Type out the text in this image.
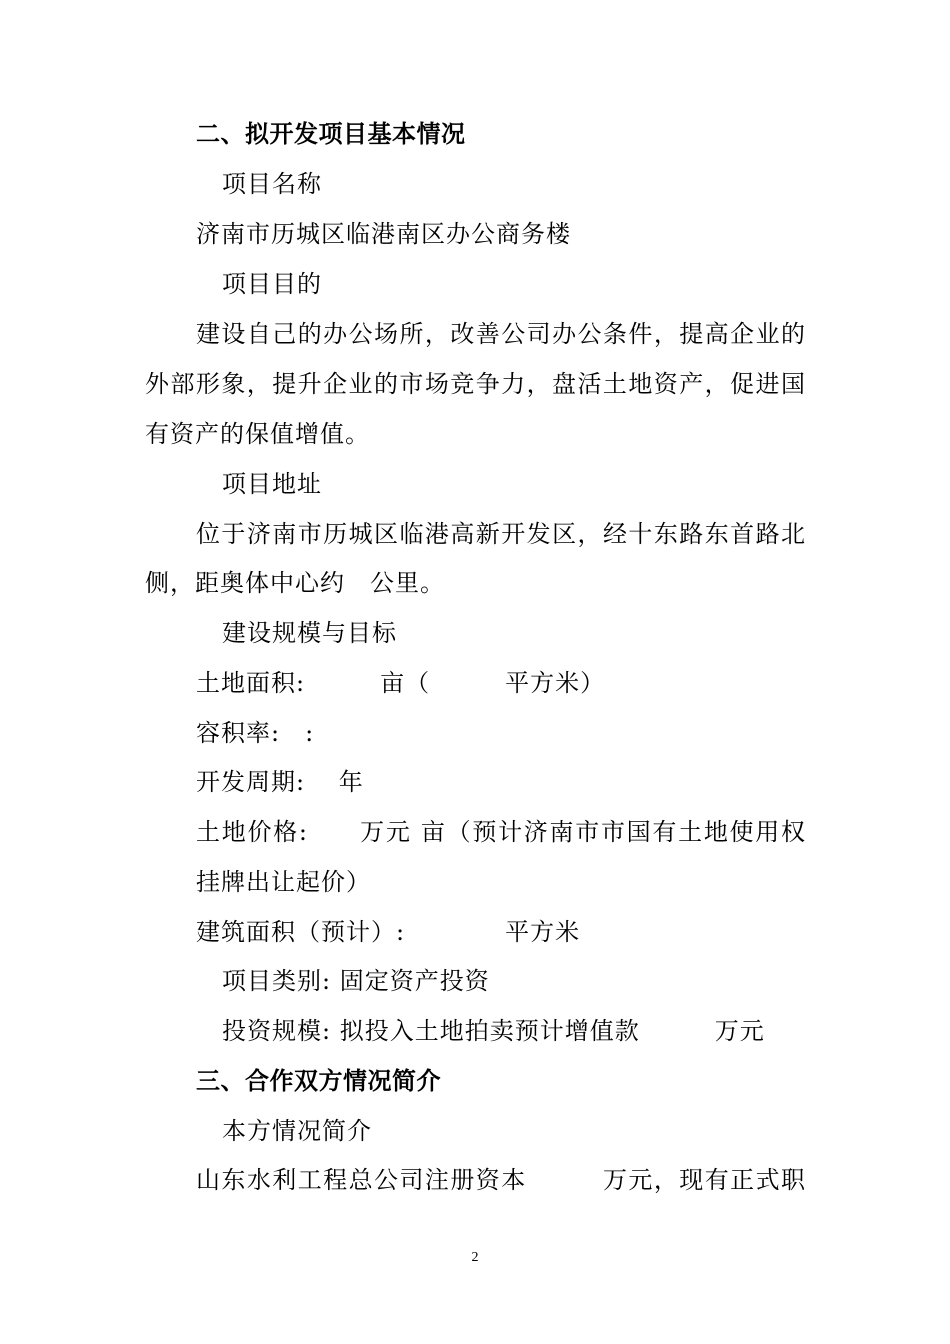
二、拟开发项目基本情况
项目名称
济南市历城区临港南区办公商务楼
项目目的
建设自己的办公场所，改善公司办公条件，提高企业的
外部形象，提升企业的市场竞争力，盘活土地资产，促进国
有资产的保值增值。
项目地址
位于济南市历城区临港高新开发区，经十东路东首路北
侧，距奥体中心约　公里。
建设规模与目标
土地面积:　　　亩（　　　平方米）
容积率:　:
开发周期:　 年
土地价格:　　万元 亩（预计济南市市国有土地使用权
挂牌出让起价）
建筑面积（预计）:　　　　平方米
项目类别: 固定资产投资
投资规模: 拟投入土地拍卖预计增值款　　　万元
三、合作双方情况简介
本方情况简介
山东水利工程总公司注册资本　　　万元，现有正式职
2
